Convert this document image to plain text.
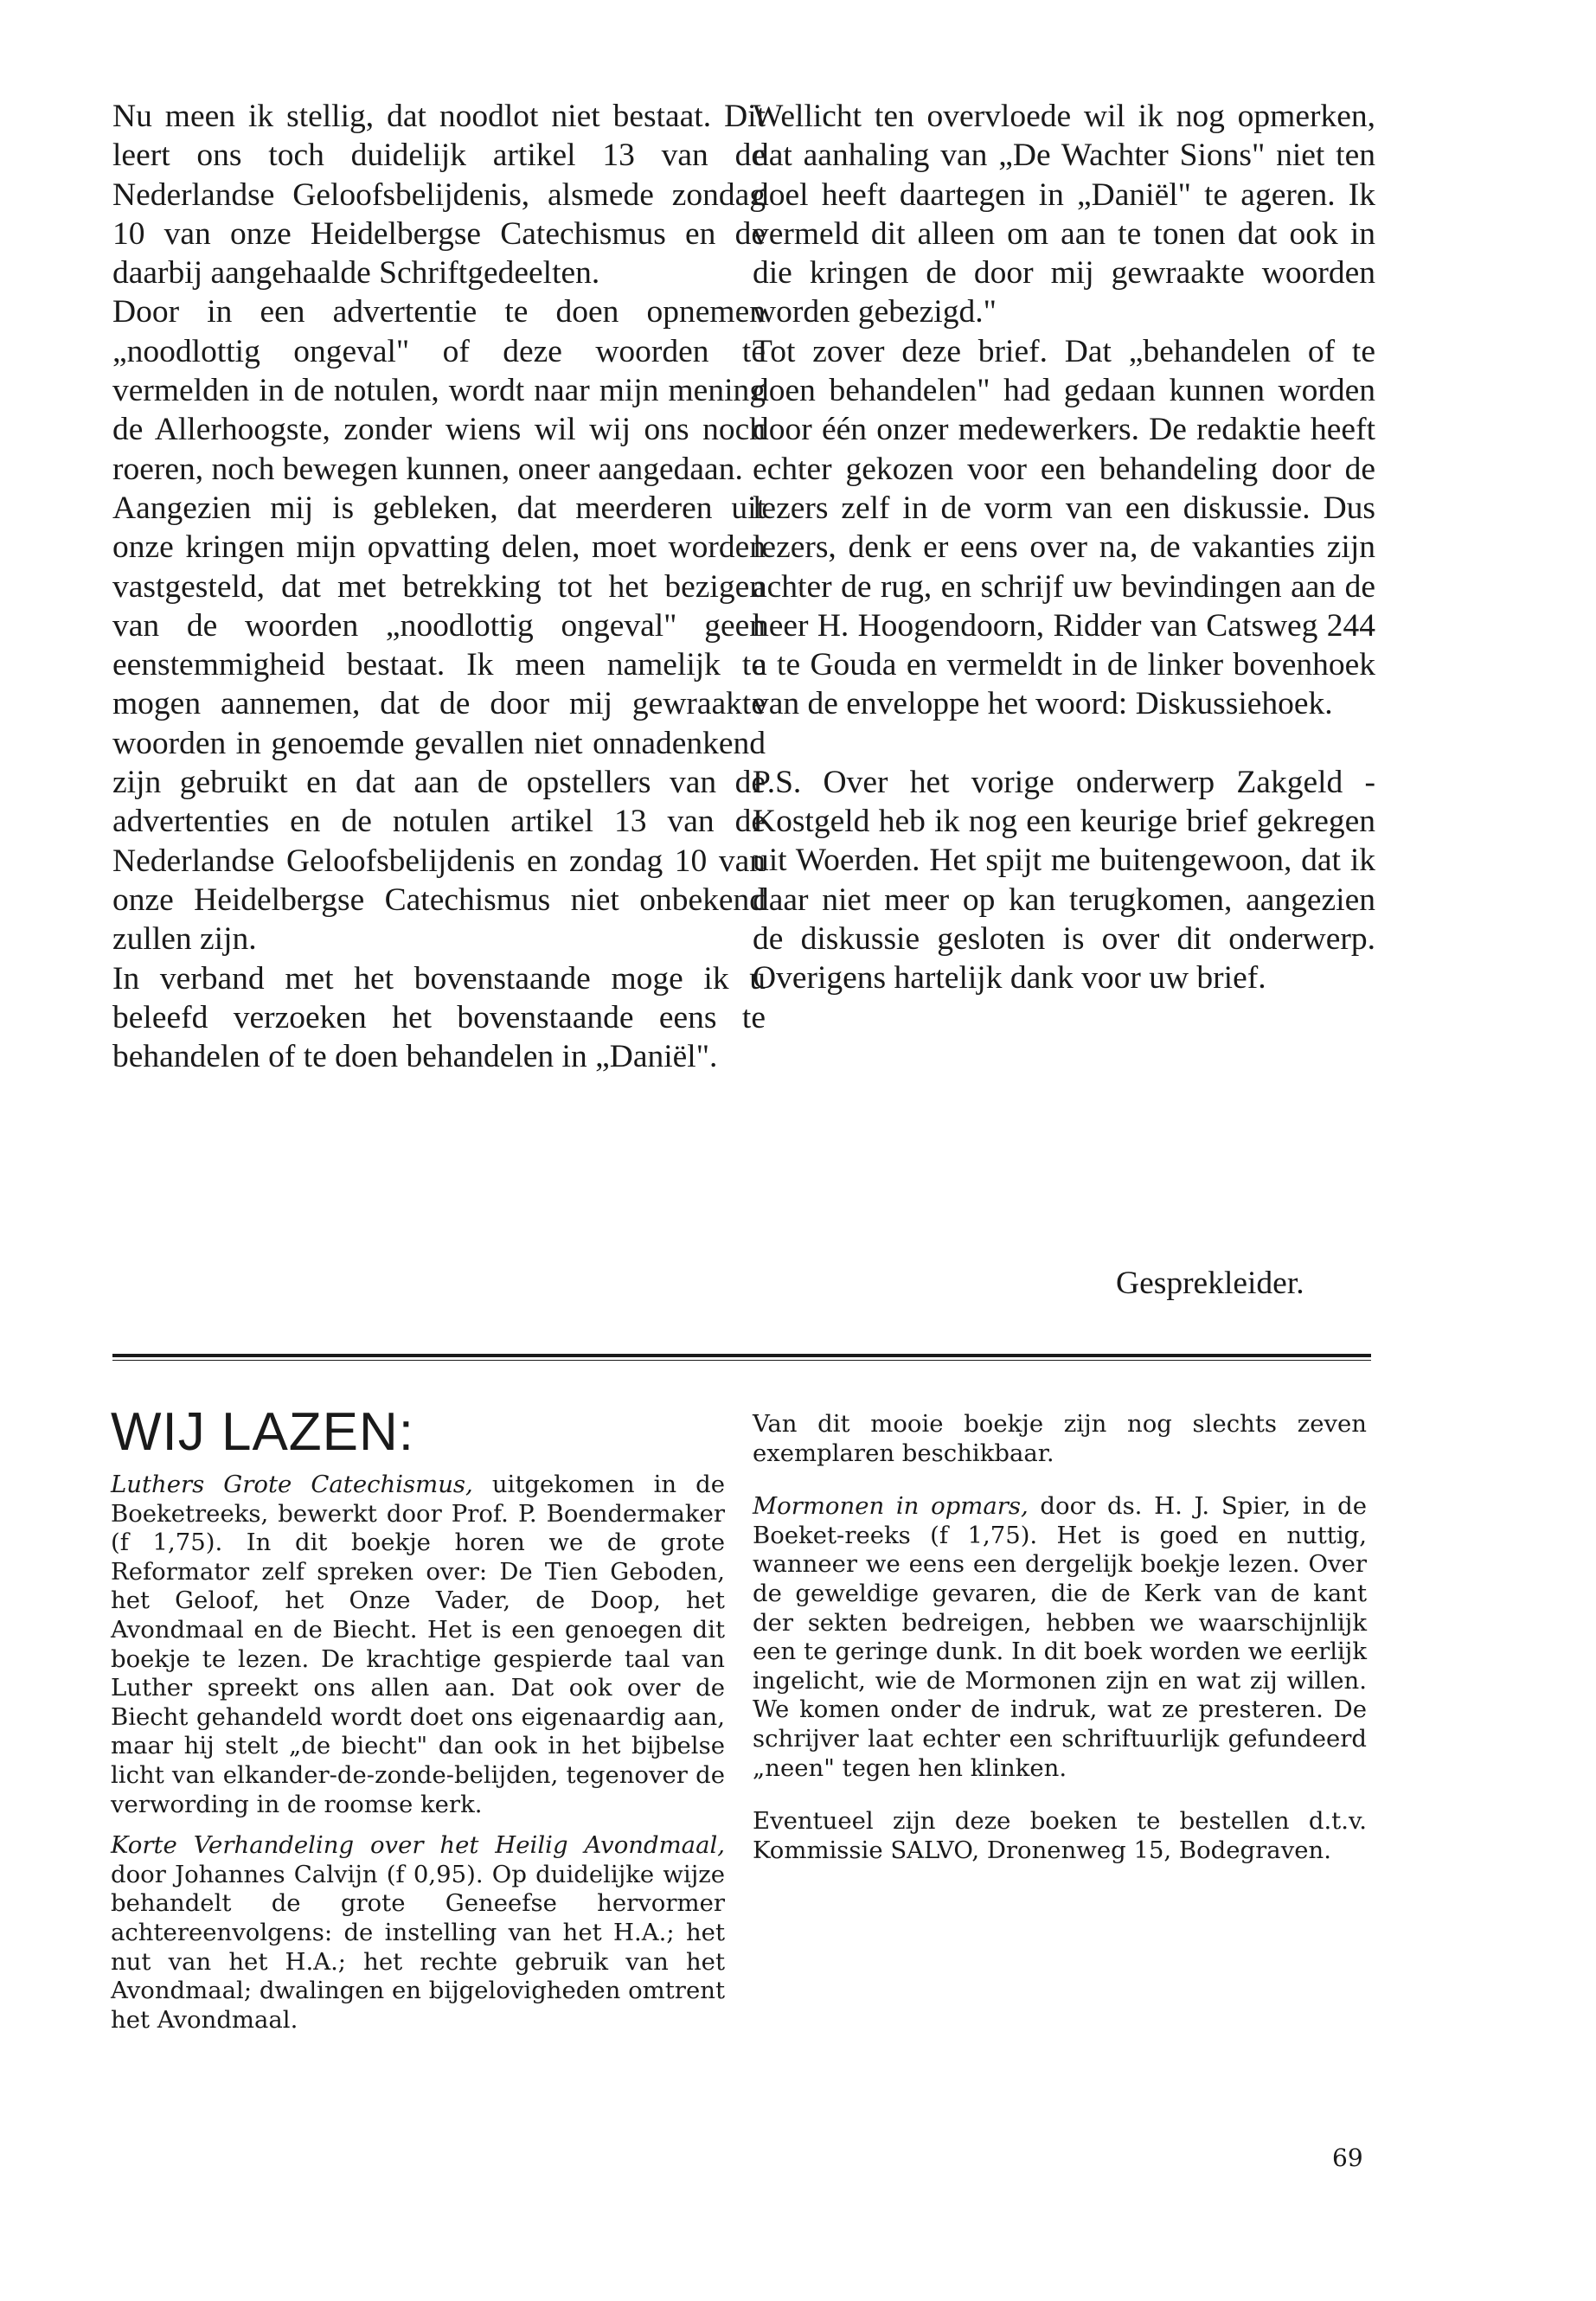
Nu meen ik stellig, dat noodlot niet bestaat. Dit leert ons toch duidelijk artikel 13 van de Nederlandse Geloofsbelijdenis, alsmede zondag 10 van onze Heidelbergse Catechismus en de daarbij aangehaalde Schriftgedeelten.

Door in een advertentie te doen opnemen „noodlottig ongeval" of deze woorden te vermelden in de notulen, wordt naar mijn mening de Allerhoogste, zonder wiens wil wij ons noch roeren, noch bewegen kunnen, oneer aangedaan.

Aangezien mij is gebleken, dat meerderen uit onze kringen mijn opvatting delen, moet worden vastgesteld, dat met betrekking tot het bezigen van de woorden „noodlottig ongeval" geen eenstemmigheid bestaat. Ik meen namelijk te mogen aannemen, dat de door mij gewraakte woorden in genoemde gevallen niet onnadenkend zijn gebruikt en dat aan de opstellers van de advertenties en de notulen artikel 13 van de Nederlandse Geloofsbelijdenis en zondag 10 van onze Heidelbergse Catechismus niet onbekend zullen zijn.

In verband met het bovenstaande moge ik u beleefd verzoeken het bovenstaande eens te behandelen of te doen behandelen in „Daniël".

Wellicht ten overvloede wil ik nog opmerken, dat aanhaling van „De Wachter Sions" niet ten doel heeft daartegen in „Daniël" te ageren. Ik vermeld dit alleen om aan te tonen dat ook in die kringen de door mij gewraakte woorden worden gebezigd."

Tot zover deze brief. Dat „behandelen of te doen behandelen" had gedaan kunnen worden door één onzer medewerkers. De redaktie heeft echter gekozen voor een behandeling door de lezers zelf in de vorm van een diskussie. Dus lezers, denk er eens over na, de vakanties zijn achter de rug, en schrijf uw bevindingen aan de heer H. Hoogendoorn, Ridder van Catsweg 244 a te Gouda en vermeldt in de linker bovenhoek van de enveloppe het woord: Diskussiehoek.

P.S. Over het vorige onderwerp Zakgeld - Kostgeld heb ik nog een keurige brief gekregen uit Woerden. Het spijt me buitengewoon, dat ik daar niet meer op kan terugkomen, aangezien de diskussie gesloten is over dit onderwerp. Overigens hartelijk dank voor uw brief.

Gesprekleider.
WIJ LAZEN:

Luthers Grote Catechismus, uitgekomen in de Boeketreeks, bewerkt door Prof. P. Boendermaker (f 1,75). In dit boekje horen we de grote Reformator zelf spreken over: De Tien Geboden, het Geloof, het Onze Vader, de Doop, het Avondmaal en de Biecht. Het is een genoegen dit boekje te lezen. De krachtige gespierde taal van Luther spreekt ons allen aan. Dat ook over de Biecht gehandeld wordt doet ons eigenaardig aan, maar hij stelt „de biecht" dan ook in het bijbelse licht van elkander-de-zonde-belijden, tegenover de verwording in de roomse kerk.

Korte Verhandeling over het Heilig Avondmaal, door Johannes Calvijn (f 0,95). Op duidelijke wijze behandelt de grote Geneefse hervormer achtereenvolgens: de instelling van het H.A.; het nut van het H.A.; het rechte gebruik van het Avondmaal; dwalingen en bijgelovigheden omtrent het Avondmaal.

Van dit mooie boekje zijn nog slechts zeven exemplaren beschikbaar.

Mormonen in opmars, door ds. H. J. Spier, in de Boeket-reeks (f 1,75). Het is goed en nuttig, wanneer we eens een dergelijk boekje lezen. Over de geweldige gevaren, die de Kerk van de kant der sekten bedreigen, hebben we waarschijnlijk een te geringe dunk. In dit boek worden we eerlijk ingelicht, wie de Mormonen zijn en wat zij willen. We komen onder de indruk, wat ze presteren. De schrijver laat echter een schriftuurlijk gefundeerd „neen" tegen hen klinken.

Eventueel zijn deze boeken te bestellen d.t.v. Kommissie SALVO, Dronenweg 15, Bodegraven.

69
